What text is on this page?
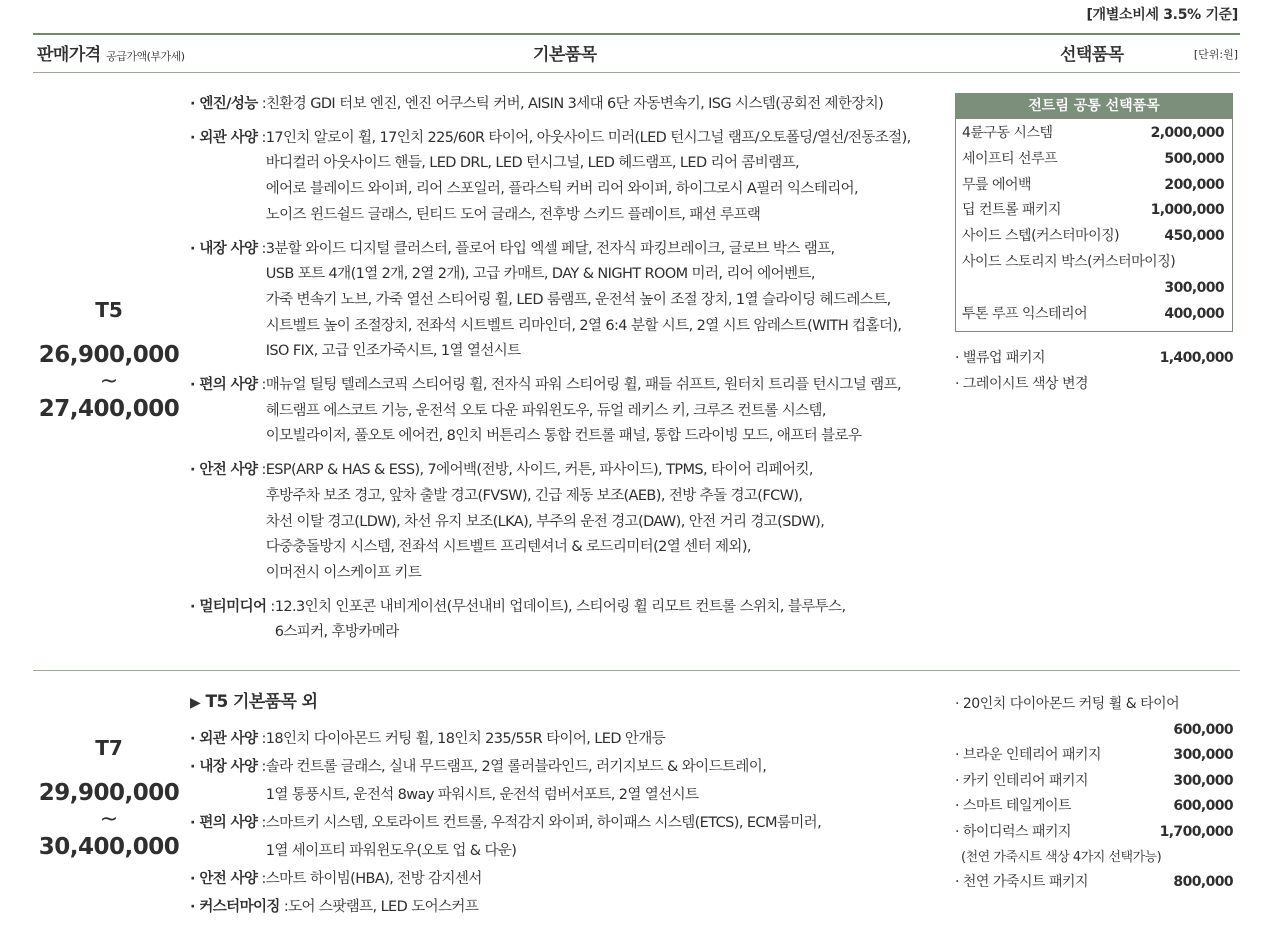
[개별소비세 3.5% 기준]
판매가격 공급가액(부가세)	기본품목	선택품목	[단위:원]
T5
26,900,000
~
27,400,000
· 엔진/성능 : 친환경 GDI 터보 엔진, 엔진 어쿠스틱 커버, AISIN 3세대 6단 자동변속기, ISG 시스템(공회전 제한장치)
· 외관 사양 : 17인치 알로이 휠, 17인치 225/60R 타이어, 아웃사이드 미러(LED 턴시그널 램프/오토폴딩/열선/전동조절),
바디컬러 아웃사이드 핸들, LED DRL, LED 턴시그널, LED 헤드램프, LED 리어 콤비램프,
에어로 블레이드 와이퍼, 리어 스포일러, 플라스틱 커버 리어 와이퍼, 하이그로시 A필러 익스테리어,
노이즈 윈드쉴드 글래스, 틴티드 도어 글래스, 전후방 스키드 플레이트, 패션 루프랙
· 내장 사양 : 3분할 와이드 디지털 클러스터, 플로어 타입 엑셀 페달, 전자식 파킹브레이크, 글로브 박스 램프,
USB 포트 4개(1열 2개, 2열 2개), 고급 카매트, DAY & NIGHT ROOM 미러, 리어 에어벤트,
가죽 변속기 노브, 가죽 열선 스티어링 휠, LED 룸램프, 운전석 높이 조절 장치, 1열 슬라이딩 헤드레스트,
시트벨트 높이 조절장치, 전좌석 시트벨트 리마인더, 2열 6:4 분할 시트, 2열 시트 암레스트(WITH 컵홀더),
ISO FIX, 고급 인조가죽시트, 1열 열선시트
· 편의 사양 : 매뉴얼 틸팅 텔레스코픽 스티어링 휠, 전자식 파워 스티어링 휠, 패들 쉬프트, 원터치 트리플 턴시그널 램프,
헤드램프 에스코트 기능, 운전석 오토 다운 파워윈도우, 듀얼 레키스 키, 크루즈 컨트롤 시스템,
이모빌라이저, 풀오토 에어컨, 8인치 버튼리스 통합 컨트롤 패널, 통합 드라이빙 모드, 애프터 블로우
· 안전 사양 : ESP(ARP & HAS & ESS), 7에어백(전방, 사이드, 커튼, 파사이드), TPMS, 타이어 리페어킷,
후방주차 보조 경고, 앞차 출발 경고(FVSW), 긴급 제동 보조(AEB), 전방 추돌 경고(FCW),
차선 이탈 경고(LDW), 차선 유지 보조(LKA), 부주의 운전 경고(DAW), 안전 거리 경고(SDW),
다중충돌방지 시스템, 전좌석 시트벨트 프리텐셔너 & 로드리미터(2열 센터 제외),
이머전시 이스케이프 키트
· 멀티미디어 : 12.3인치 인포콘 내비게이션(무선내비 업데이트), 스티어링 휠 리모트 컨트롤 스위치, 블루투스,
6스피커, 후방카메라
전트림 공통 선택품목
4륜구동 시스템	2,000,000
세이프티 선루프	500,000
무릎 에어백	200,000
딥 컨트롤 패키지	1,000,000
사이드 스텝(커스터마이징)	450,000
사이드 스토리지 박스(커스터마이징)
300,000
투톤 루프 익스테리어	400,000
· 밸류업 패키지	1,400,000
· 그레이시트 색상 변경
T7
29,900,000
~
30,400,000
▶ T5 기본품목 외
· 외관 사양 : 18인치 다이아몬드 커팅 휠, 18인치 235/55R 타이어, LED 안개등
· 내장 사양 : 솔라 컨트롤 글래스, 실내 무드램프, 2열 롤러블라인드, 러기지보드 & 와이드트레이,
1열 통풍시트, 운전석 8way 파워시트, 운전석 럼버서포트, 2열 열선시트
· 편의 사양 : 스마트키 시스템, 오토라이트 컨트롤, 우적감지 와이퍼, 하이패스 시스템(ETCS), ECM룸미러,
1열 세이프티 파워윈도우(오토 업 & 다운)
· 안전 사양 : 스마트 하이빔(HBA), 전방 감지센서
· 커스터마이징 : 도어 스팟램프, LED 도어스커프
· 20인치 다이아몬드 커팅 휠 & 타이어
600,000
· 브라운 인테리어 패키지	300,000
· 카키 인테리어 패키지	300,000
· 스마트 테일게이트	600,000
· 하이디럭스 패키지	1,700,000
(천연 가죽시트 색상 4가지 선택가능)
· 천연 가죽시트 패키지	800,000
